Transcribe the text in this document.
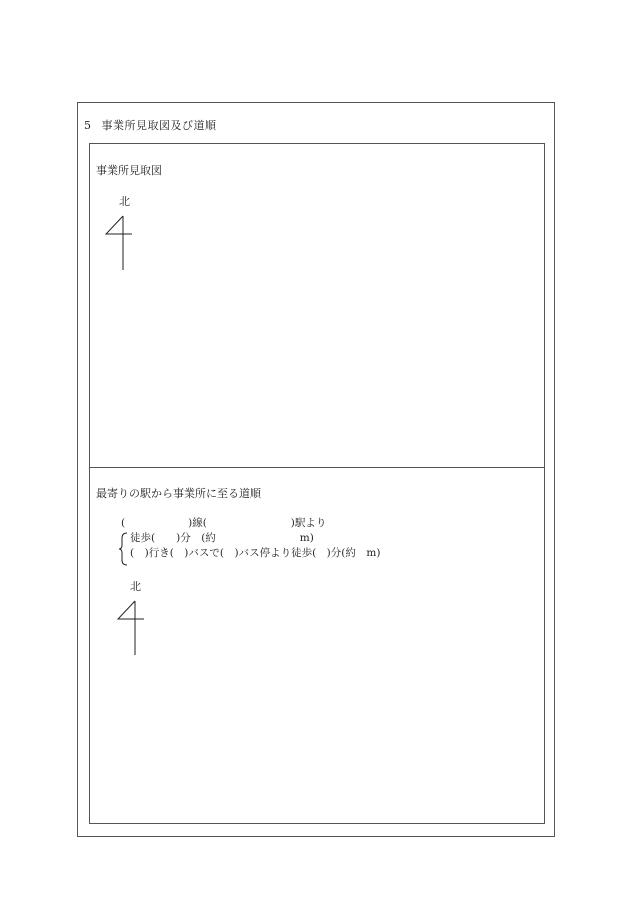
5 事業所見取図及び道順
事業所見取図
北
最寄りの駅から事業所に至る道順
(　　　　　　)線(　　　　　　　　)駅より
徒歩(　　)分　(約　　　　　　　　m)
(　)行き(　)バスで(　)バス停より徒歩(　)分(約　m)
北
